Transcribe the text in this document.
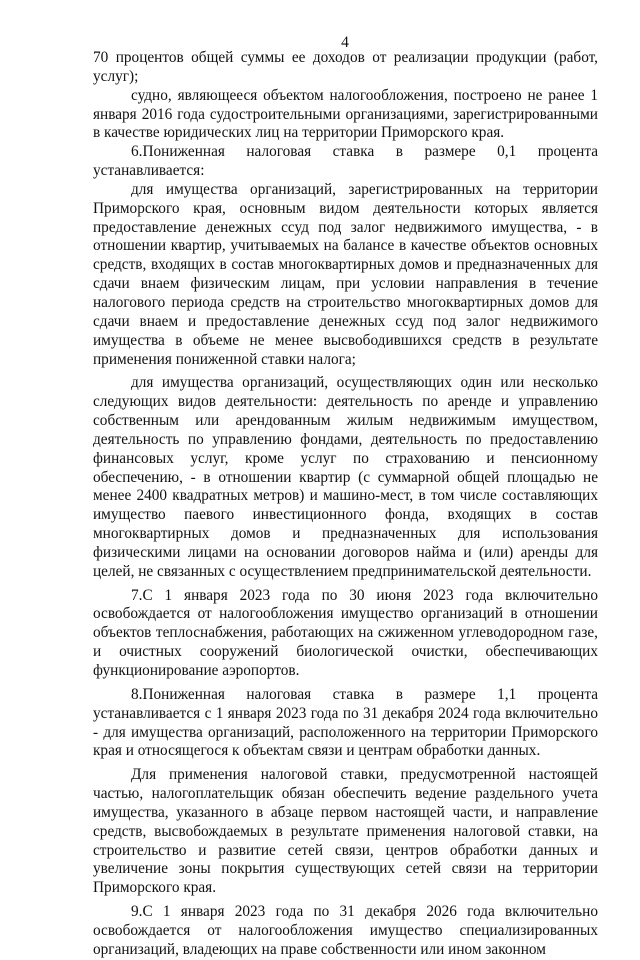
4

70 процентов общей суммы ее доходов от реализации продукции (работ, услуг);

судно, являющееся объектом налогообложения, построено не ранее 1 января 2016 года судостроительными организациями, зарегистрированными в качестве юридических лиц на территории Приморского края.

6.Пониженная налоговая ставка в размере 0,1 процента устанавливается:

для имущества организаций, зарегистрированных на территории Приморского края, основным видом деятельности которых является предоставление денежных ссуд под залог недвижимого имущества, - в отношении квартир, учитываемых на балансе в качестве объектов основных средств, входящих в состав многоквартирных домов и предназначенных для сдачи внаем физическим лицам, при условии направления в течение налогового периода средств на строительство многоквартирных домов для сдачи внаем и предоставление денежных ссуд под залог недвижимого имущества в объеме не менее высвободившихся средств в результате применения пониженной ставки налога;

для имущества организаций, осуществляющих один или несколько следующих видов деятельности: деятельность по аренде и управлению собственным или арендованным жилым недвижимым имуществом, деятельность по управлению фондами, деятельность по предоставлению финансовых услуг, кроме услуг по страхованию и пенсионному обеспечению, - в отношении квартир (с суммарной общей площадью не менее 2400 квадратных метров) и машино-мест, в том числе составляющих имущество паевого инвестиционного фонда, входящих в состав многоквартирных домов и предназначенных для использования физическими лицами на основании договоров найма и (или) аренды для целей, не связанных с осуществлением предпринимательской деятельности.

7.С 1 января 2023 года по 30 июня 2023 года включительно освобождается от налогообложения имущество организаций в отношении объектов теплоснабжения, работающих на сжиженном углеводородном газе, и очистных сооружений биологической очистки, обеспечивающих функционирование аэропортов.

8.Пониженная налоговая ставка в размере 1,1 процента устанавливается с 1 января 2023 года по 31 декабря 2024 года включительно - для имущества организаций, расположенного на территории Приморского края и относящегося к объектам связи и центрам обработки данных.

Для применения налоговой ставки, предусмотренной настоящей частью, налогоплательщик обязан обеспечить ведение раздельного учета имущества, указанного в абзаце первом настоящей части, и направление средств, высвобождаемых в результате применения налоговой ставки, на строительство и развитие сетей связи, центров обработки данных и увеличение зоны покрытия существующих сетей связи на территории Приморского края.

9.С 1 января 2023 года по 31 декабря 2026 года включительно освобождается от налогообложения имущество специализированных организаций, владеющих на праве собственности или ином законном
